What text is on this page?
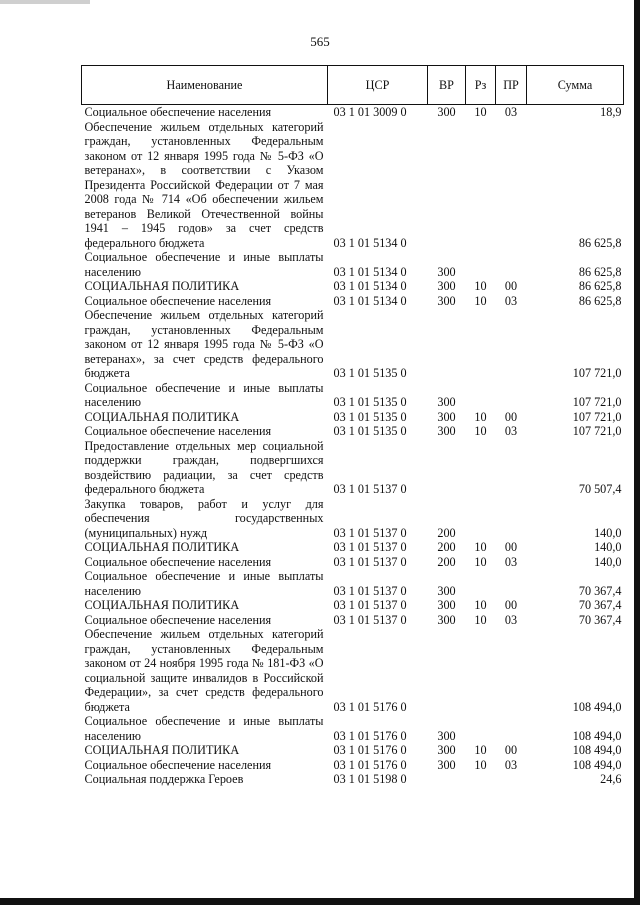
565
Наименование	ЦСР	ВР	Рз	ПР	Сумма
Социальное обеспечение населения	03 1 01 3009 0	300	10	03	18,9
Обеспечение жильем отдельных категорий граждан, установленных Федеральным законом от 12 января 1995 года № 5-ФЗ «О ветеранах», в соответствии с Указом Президента Российской Федерации от 7 мая 2008 года № 714 «Об обеспечении жильем ветеранов Великой Отечественной войны 1941 – 1945 годов» за счет средств федерального бюджета	03 1 01 5134 0				86 625,8
Социальное обеспечение и иные выплаты населению	03 1 01 5134 0	300			86 625,8
СОЦИАЛЬНАЯ ПОЛИТИКА	03 1 01 5134 0	300	10	00	86 625,8
Социальное обеспечение населения	03 1 01 5134 0	300	10	03	86 625,8
Обеспечение жильем отдельных категорий граждан, установленных Федеральным законом от 12 января 1995 года № 5-ФЗ «О ветеранах», за счет средств федерального бюджета	03 1 01 5135 0				107 721,0
Социальное обеспечение и иные выплаты населению	03 1 01 5135 0	300			107 721,0
СОЦИАЛЬНАЯ ПОЛИТИКА	03 1 01 5135 0	300	10	00	107 721,0
Социальное обеспечение населения	03 1 01 5135 0	300	10	03	107 721,0
Предоставление отдельных мер социальной поддержки граждан, подвергшихся воздействию радиации, за счет средств федерального бюджета	03 1 01 5137 0				70 507,4
Закупка товаров, работ и услуг для обеспечения государственных (муниципальных) нужд	03 1 01 5137 0	200			140,0
СОЦИАЛЬНАЯ ПОЛИТИКА	03 1 01 5137 0	200	10	00	140,0
Социальное обеспечение населения	03 1 01 5137 0	200	10	03	140,0
Социальное обеспечение и иные выплаты населению	03 1 01 5137 0	300			70 367,4
СОЦИАЛЬНАЯ ПОЛИТИКА	03 1 01 5137 0	300	10	00	70 367,4
Социальное обеспечение населения	03 1 01 5137 0	300	10	03	70 367,4
Обеспечение жильем отдельных категорий граждан, установленных Федеральным законом от 24 ноября 1995 года № 181-ФЗ «О социальной защите инвалидов в Российской Федерации», за счет средств федерального бюджета	03 1 01 5176 0				108 494,0
Социальное обеспечение и иные выплаты населению	03 1 01 5176 0	300			108 494,0
СОЦИАЛЬНАЯ ПОЛИТИКА	03 1 01 5176 0	300	10	00	108 494,0
Социальное обеспечение населения	03 1 01 5176 0	300	10	03	108 494,0
Социальная поддержка Героев	03 1 01 5198 0				24,6
